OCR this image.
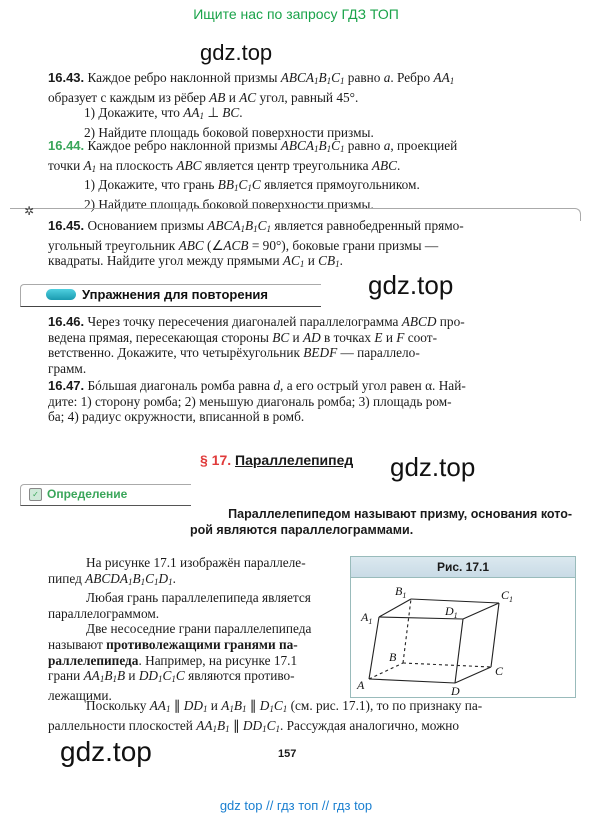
Ищите нас по запросу ГДЗ ТОП
gdz.top
16.43. Каждое ребро наклонной призмы $ABCA_1B_1C_1$ равно a. Ребро $AA_1$
образует с каждым из рёбер AB и AC угол, равный 45°.
1) Докажите, что $AA_1$ ⊥ BC.
2) Найдите площадь боковой поверхности призмы.
16.44. Каждое ребро наклонной призмы $ABCA_1B_1C_1$ равно a, проекцией
точки $A_1$ на плоскость ABC является центр треугольника ABC.
1) Докажите, что грань $BB_1C_1C$ является прямоугольником.
2) Найдите площадь боковой поверхности призмы.
✲
16.45. Основанием призмы $ABCA_1B_1C_1$ является равнобедренный прямо-
угольный треугольник ABC (∠ACB = 90°), боковые грани призмы —
квадраты. Найдите угол между прямыми $AC_1$ и $CB_1$.
gdz.top
Упражнения для повторения
16.46. Через точку пересечения диагоналей параллелограмма ABCD про-
ведена прямая, пересекающая стороны BC и AD в точках E и F соот-
ветственно. Докажите, что четырёхугольник BEDF — параллело-
грамм.
16.47. Бóльшая диагональ ромба равна d, а его острый угол равен α. Най-
дите: 1) сторону ромба; 2) меньшую диагональ ромба; 3) площадь ром-
ба; 4) радиус окружности, вписанной в ромб.
§ 17. Параллелепипед gdz.top
✓ Определение
Параллелепипедом называют призму, основания кото-
рой являются параллелограммами.

На рисунке 17.1 изображён параллеле-

пипед $ABCDA_1B_1C_1D_1$.

Любая грань параллелепипеда является

параллелограммом.

Две несоседние грани параллелепипеда

называют противолежащими гранями па-

раллелепипеда. Например, на рисунке 17.1

грани $AA_1B_1B$ и $DD_1C_1C$ являются противо-

лежащими.

Рис. 17.1
A
B
C
D
$A_1$
$B_1$	$C_1$
$D_1$
Поскольку $AA_1$ ∥ $DD_1$ и $A_1B_1$ ∥ $D_1C_1$ (см. рис. 17.1), то по признаку па-
раллельности плоскостей $AA_1B_1$ ∥ $DD_1C_1$. Рассуждая аналогично, можно
gdz.top	157
gdz top // гдз топ // гдз top
